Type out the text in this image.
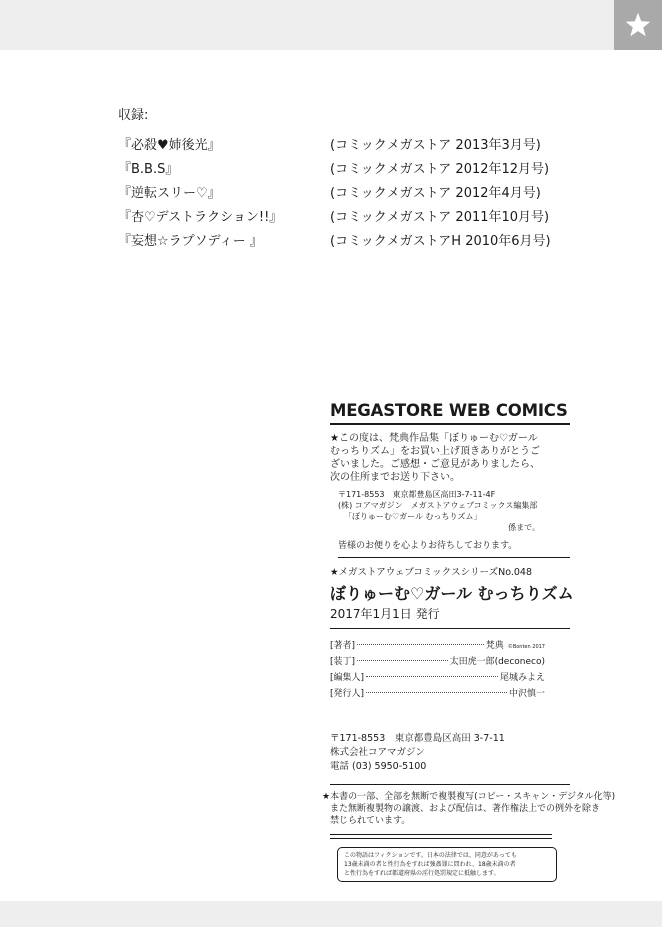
収録:
『必殺♥姉後光』	(コミックメガストア 2013年3月号)
『B.B.S』	(コミックメガストア 2012年12月号)
『逆転スリー♡』	(コミックメガストア 2012年4月号)
『杏♡デストラクション!!』	(コミックメガストア 2011年10月号)
『妄想☆ラプソディー 』	(コミックメガストアH 2010年6月号)
MEGASTORE WEB COMICS
★この度は、梵典作品集「ぼりゅーむ♡ガール
むっちりズム」をお買い上げ頂きありがとうご
ざいました。ご感想・ご意見がありましたら、
次の住所までお送り下さい。
〒171-8553　東京都豊島区高田3-7-11-4F
(株) コアマガジン　メガストアウェブコミックス編集部
「ぼりゅーむ♡ガール むっちりズム」
係まで。
皆様のお便りを心よりお待ちしております。
★メガストアウェブコミックスシリーズNo.048
ぼりゅーむ♡ガール むっちりズム
2017年1月1日 発行
[著者]	梵典 ©Bonten 2017
[装丁]	太田虎一郎(deconeco)
[編集人]	尾城みよえ
[発行人]	中沢慎一
〒171-8553　東京都豊島区高田 3-7-11
株式会社コアマガジン
電話 (03) 5950-5100
★本書の一部、全部を無断で複製複写(コピー・スキャン・デジタル化等)
また無断複製物の譲渡、および配信は、著作権法上での例外を除き
禁じられています。
この物語はフィクションです。日本の法律では、同意があっても
13歳未満の者と性行為をすれば強姦罪に問われ、18歳未満の者
と性行為をすれば都道府県の淫行処罰規定に抵触します。
